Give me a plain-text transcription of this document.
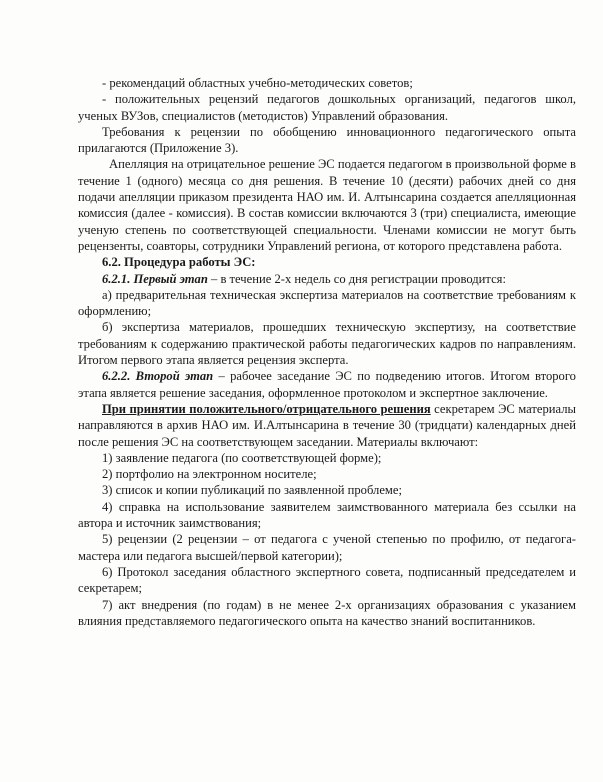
- рекомендаций областных учебно-методических советов;

- положительных рецензий педагогов дошкольных организаций, педагогов школ, ученых ВУЗов, специалистов (методистов) Управлений образования.

Требования к рецензии по обобщению инновационного педагогического опыта прилагаются (Приложение 3).

Апелляция на отрицательное решение ЭС подается педагогом в произвольной форме в течение 1 (одного) месяца со дня решения. В течение 10 (десяти) рабочих дней со дня подачи апелляции приказом президента НАО им. И. Алтынсарина создается апелляционная комиссия (далее - комиссия). В состав комиссии включаются 3 (три) специалиста, имеющие ученую степень по соответствующей специальности. Членами комиссии не могут быть рецензенты, соавторы, сотрудники Управлений региона, от которого представлена работа.

6.2. Процедура работы ЭС:

6.2.1. Первый этап – в течение 2-х недель со дня регистрации проводится:

а) предварительная техническая экспертиза материалов на соответствие требованиям к оформлению;

б) экспертиза материалов, прошедших техническую экспертизу, на соответствие требованиям к содержанию практической работы педагогических кадров по направлениям. Итогом первого этапа является рецензия эксперта.

6.2.2. Второй этап – рабочее заседание ЭС по подведению итогов. Итогом второго этапа является решение заседания, оформленное протоколом и экспертное заключение.

При принятии положительного/отрицательного решения секретарем ЭС материалы направляются в архив НАО им. И.Алтынсарина в течение 30 (тридцати) календарных дней после решения ЭС на соответствующем заседании. Материалы включают:

1) заявление педагога (по соответствующей форме);

2) портфолио на электронном носителе;

3) список и копии публикаций по заявленной проблеме;

4) справка на использование заявителем заимствованного материала без ссылки на автора и источник заимствования;

5) рецензии (2 рецензии – от педагога с ученой степенью по профилю, от педагога-мастера или педагога высшей/первой категории);

6) Протокол заседания областного экспертного совета, подписанный председателем и секретарем;

7) акт внедрения (по годам) в не менее 2-х организациях образования с указанием влияния представляемого педагогического опыта на качество знаний воспитанников.
